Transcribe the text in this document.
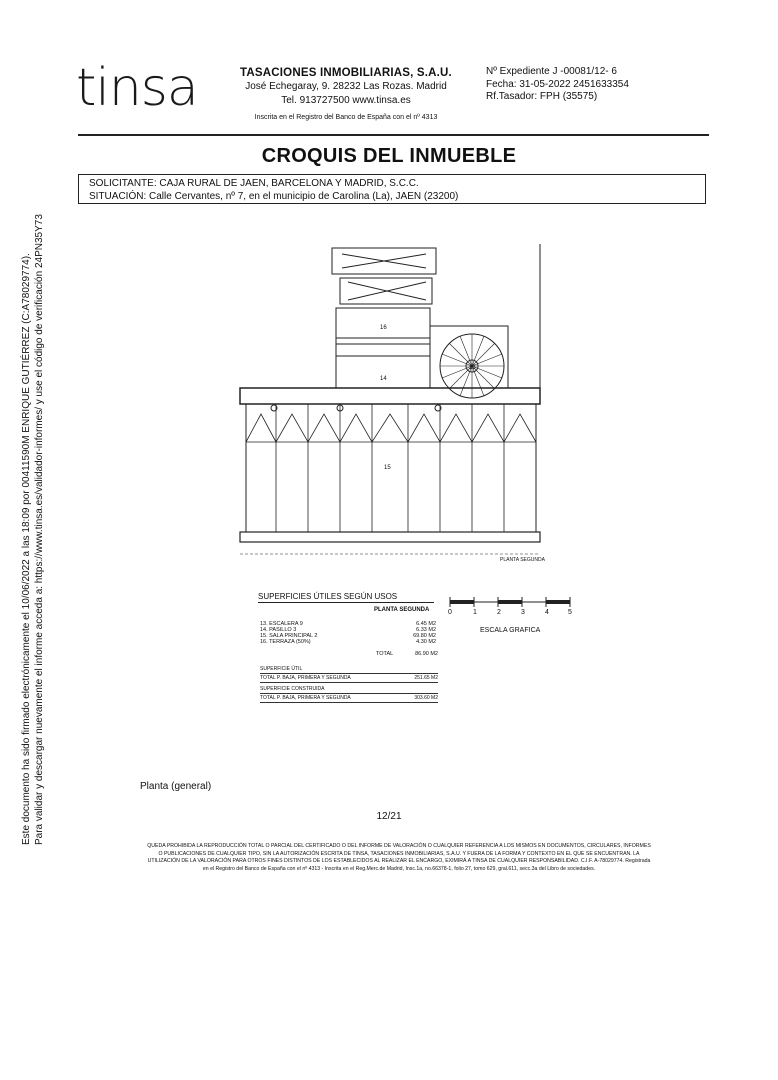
tinsa	TASACIONES INMOBILIARIAS, S.A.U.
José Echegaray, 9. 28232 Las Rozas. Madrid
Tel. 913727500 www.tinsa.es
Inscrita en el Registro del Banco de España con el nº 4313
Nº Expediente J -00081/12- 6
Fecha: 31-05-2022 2451633354
Rf.Tasador: FPH (35575)
CROQUIS DEL INMUEBLE
SOLICITANTE: CAJA RURAL DE JAEN, BARCELONA Y MADRID, S.C.C.
SITUACIÓN: Calle Cervantes, nº 7, en el municipio de Carolina (La), JAEN (23200)
Este documento ha sido firmado electrónicamente el 10/06/2022 a las 18:09 por 00411590M ENRIQUE GUTIÉRREZ (C:A78029774). Para validar y descargar nuevamente el informe acceda a: https://www.tinsa.es/validador-informes/ y use el código de verificación 24PN35Y73	16
14
13
15
PLANTA SEGUNDA
SUPERFICIES ÚTILES SEGÚN USOS
PLANTA SEGUNDA
13. ESCALERA 9	6.45 M2
14. PASILLO 3	6.33 M2
15. SALA PRINCIPAL 2	69.80 M2
16. TERRAZA (50%)	4.30 M2
TOTAL	86.90 M2
SUPERFICIE ÚTIL
TOTAL P. BAJA, PRIMERA Y SEGUNDA	251.65 M2
SUPERFICIE CONSTRUIDA
TOTAL P. BAJA, PRIMERA Y SEGUNDA	303.60 M2
0	1	2	3	4	5
ESCALA GRAFICA
Planta (general)
12/21
QUEDA PROHIBIDA LA REPRODUCCIÓN TOTAL O PARCIAL DEL CERTIFICADO O DEL INFORME DE VALORACIÓN O CUALQUIER REFERENCIA A LOS MISMOS EN DOCUMENTOS, CIRCULARES, INFORMES
O PUBLICACIONES DE CUALQUIER TIPO, SIN LA AUTORIZACIÓN ESCRITA DE TINSA, TASACIONES INMOBILIARIAS, S.A.U. Y FUERA DE LA FORMA Y CONTEXTO EN EL QUE SE ENCUENTRAN. LA
UTILIZACIÓN DE LA VALORACIÓN PARA OTROS FINES DISTINTOS DE LOS ESTABLECIDOS AL REALIZAR EL ENCARGO, EXIMIRÁ A TINSA DE CUALQUIER RESPONSABILIDAD. C.I.F. A-78029774. Registrada
en el Registro del Banco de España con el nº 4313 - Inscrita en el Reg.Merc.de Madrid, Insc.1a, no.66378-1, folio 27, tomo 629, gral.611, secc.3a del Libro de sociedades.
